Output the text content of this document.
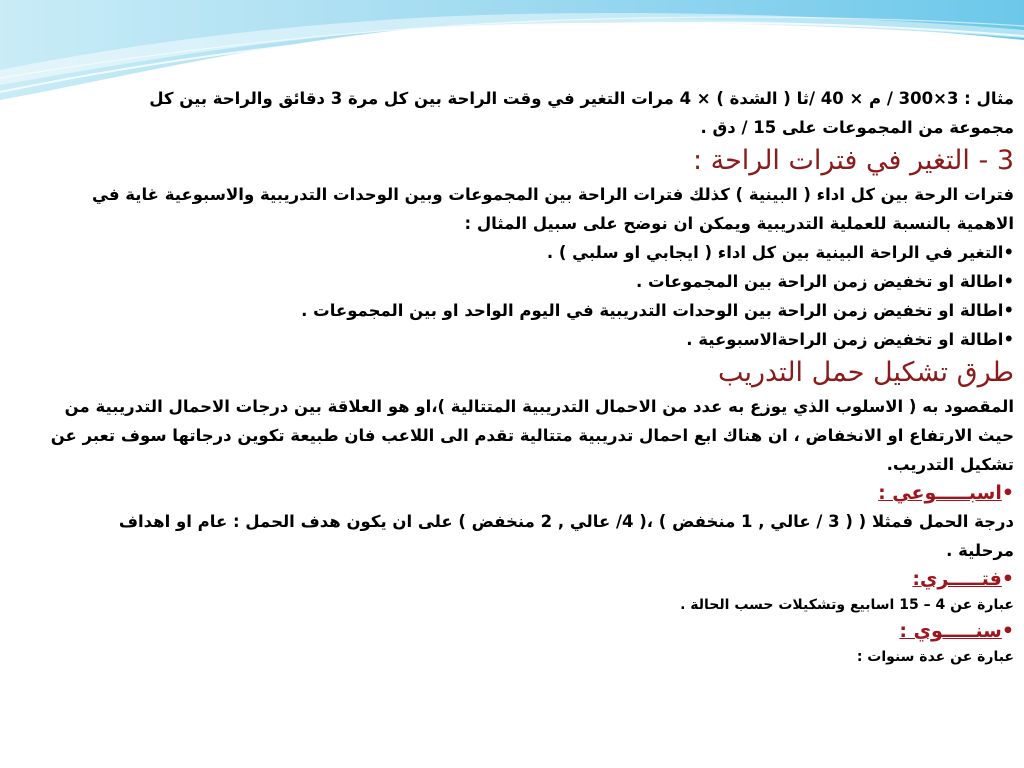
مثال : 3×300 / م × 40 /ثا ( الشدة ) × 4 مرات التغير في وقت الراحة بين كل مرة 3 دقائق والراحة بين كل

مجموعة من المجموعات على 15 / دق .

3 - التغير في فترات الراحة :

فترات الرحة بين كل اداء ( البينية ) كذلك فترات الراحة بين المجموعات وبين الوحدات التدريبية والاسبوعية غاية في

الاهمية بالنسبة للعملية التدريبية ويمكن ان نوضح على سبيل المثال :

•التغير في الراحة البينية بين كل اداء ( ايجابي او سلبي ) .

•اطالة او تخفيض زمن الراحة بين المجموعات .

•اطالة او تخفيض زمن الراحة بين الوحدات التدريبية في اليوم الواحد او بين المجموعات .

•اطالة او تخفيض زمن الراحةالاسبوعية .

طرق تشكيل حمل التدريب

المقصود به ( الاسلوب الذي يوزع به عدد من الاحمال التدريبية المتتالية )،او هو العلاقة بين درجات الاحمال التدريبية من

حيث الارتفاع او الانخفاض ، ان هناك ابع احمال تدريبية متتالية تقدم الى اللاعب فان طبيعة تكوين درجاتها سوف تعبر عن

تشكيل التدريب.

•اسبـــــوعي :

درجة الحمل فمثلا ( ( 3 / عالي , 1 منخفض ) ،( 4/ عالي , 2 منخفض ) على ان يكون هدف الحمل : عام او اهداف

مرحلية .

•فتـــــري:

عبارة عن 4 – 15 اسابيع وتشكيلات حسب الحالة .

•سنـــــوي :

عبارة عن عدة سنوات :
